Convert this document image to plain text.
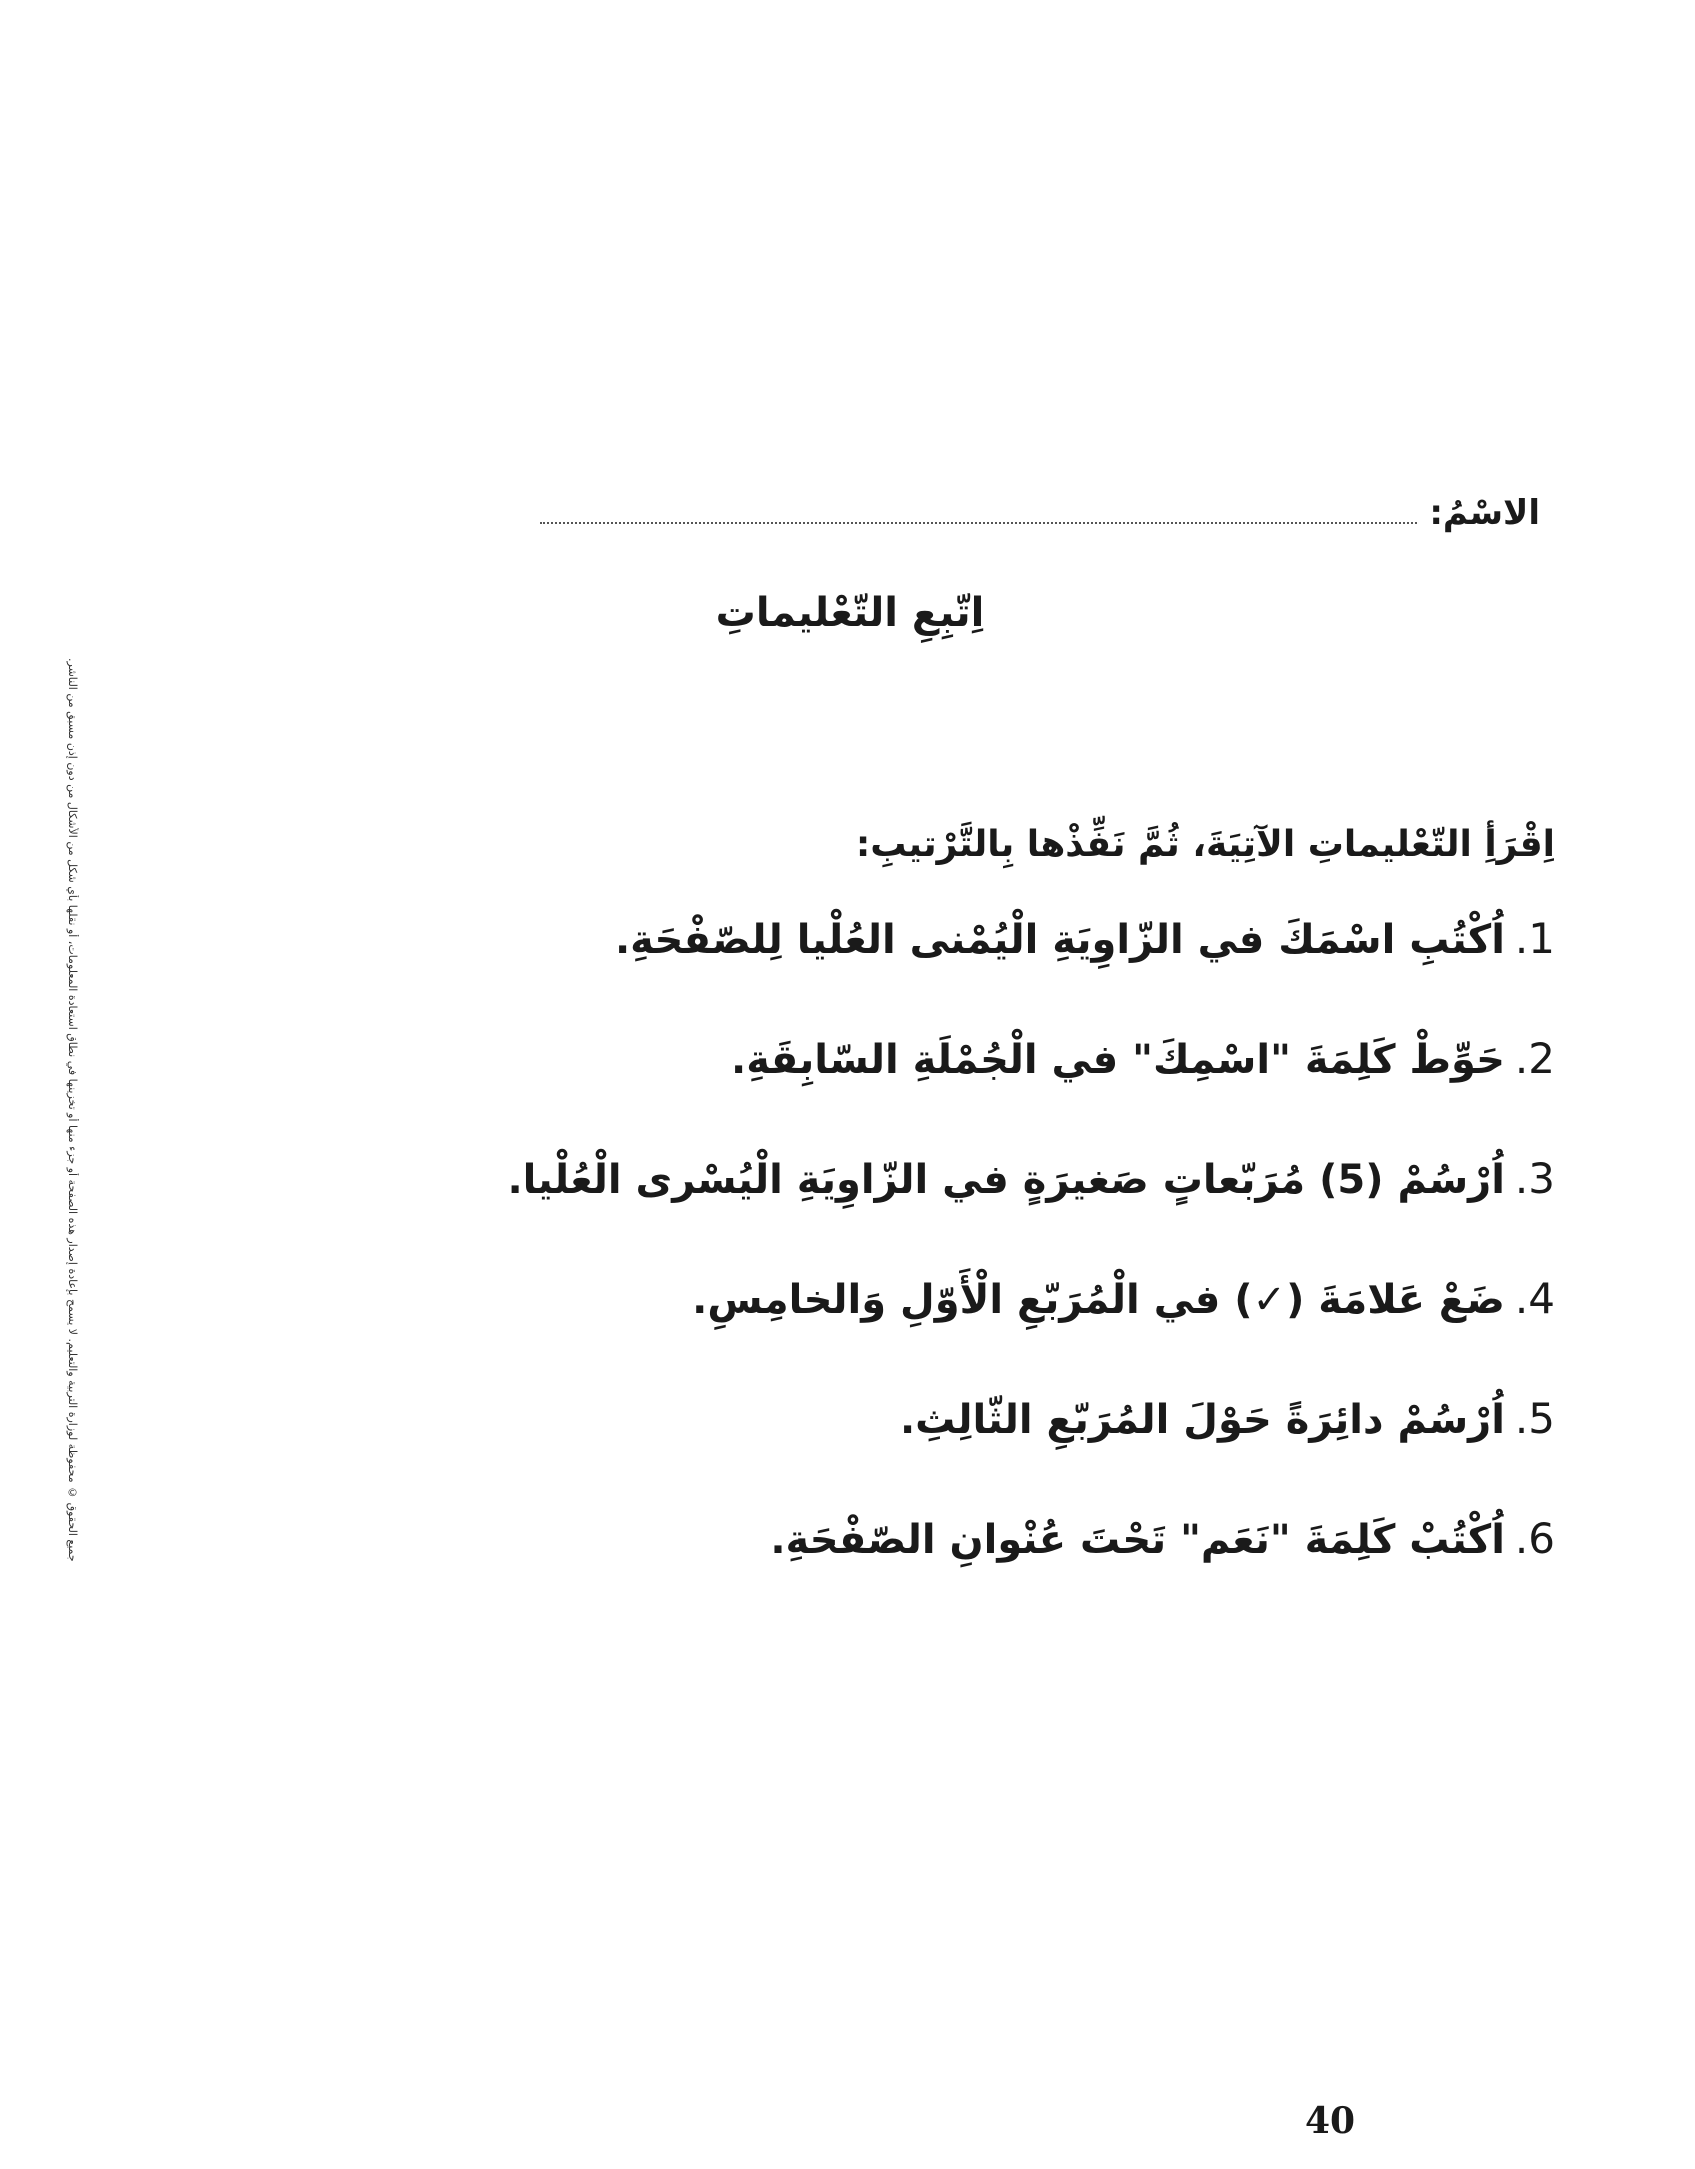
جميع الحقوق © محفوظة لوزارة التربية والتعليم. لا يسمح بإعادة إصدار هذه الصفحة أو جزء منها أو تخزينها في نطاق استعادة المعلومات، أو نقلها بأي شكل من الأشكال من دون إذن مسبق من الناشر.
الاسْمُ:
اِتّبِعِ التّعْليماتِ

اِقْرَأِ التّعْليماتِ الآتِيَةَ، ثُمَّ نَفِّذْها بِالتَّرْتيبِ:

1.
اُكْتُبِ اسْمَكَ في الزّاوِيَةِ الْيُمْنى العُلْيا لِلصّفْحَةِ.
2.
حَوِّطْ كَلِمَةَ "اسْمِكَ" في الْجُمْلَةِ السّابِقَةِ.
3.
اُرْسُمْ (5) مُرَبّعاتٍ صَغيرَةٍ في الزّاوِيَةِ الْيُسْرى الْعُلْيا.
4.
ضَعْ عَلامَةَ (✓) في الْمُرَبّعِ الْأَوّلِ وَالخامِسِ.
5.
اُرْسُمْ دائِرَةً حَوْلَ المُرَبّعِ الثّالِثِ.
6.
اُكْتُبْ كَلِمَةَ "نَعَم" تَحْتَ عُنْوانِ الصّفْحَةِ.
40
